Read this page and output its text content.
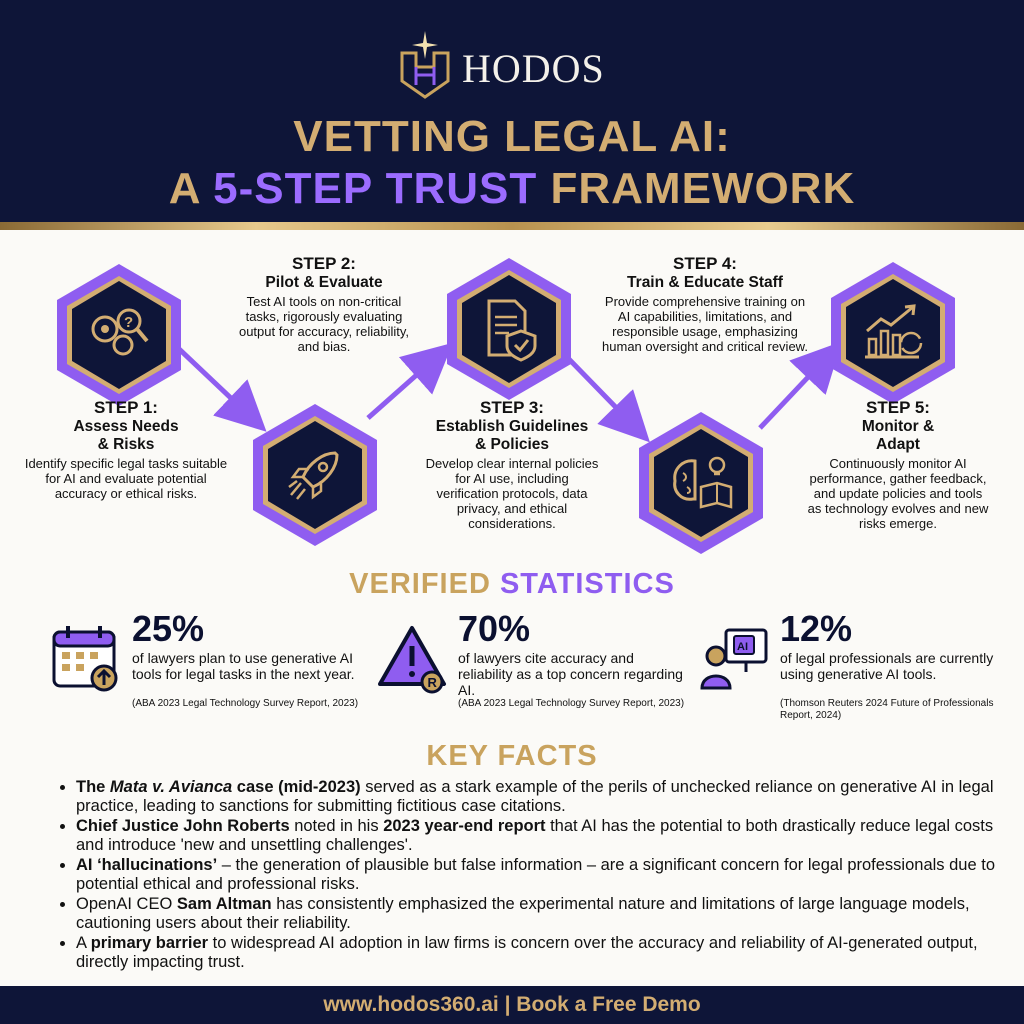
HODOS
VETTING LEGAL AI:
A 5-STEP TRUST FRAMEWORK
?
STEP 1:
Assess Needs
& Risks

Identify specific legal tasks suitable for AI and evaluate potential accuracy or ethical risks.

STEP 2:
Pilot & Evaluate

Test AI tools on non-critical tasks, rigorously evaluating output for accuracy, reliability, and bias.

STEP 3:
Establish Guidelines
& Policies

Develop clear internal policies for AI use, including verification protocols, data privacy, and ethical considerations.

STEP 4:
Train & Educate Staff

Provide comprehensive training on AI capabilities, limitations, and responsible usage, emphasizing human oversight and critical review.

STEP 5:
Monitor &
Adapt

Continuously monitor AI performance, gather feedback, and update policies and tools as technology evolves and new risks emerge.

VERIFIED STATISTICS
25%
of lawyers plan to use generative AI tools for legal tasks in the next year.
(ABA 2023 Legal Technology Survey Report, 2023)
R
70%
of lawyers cite accuracy and reliability as a top concern regarding AI.
(ABA 2023 Legal Technology Survey Report, 2023)
AI 12%
of legal professionals are currently using generative AI tools.
(Thomson Reuters 2024 Future of Professionals Report, 2024)
KEY FACTS
• The Mata v. Avianca case (mid-2023) served as a stark example of the perils of unchecked reliance on generative AI in legal practice, leading to sanctions for submitting fictitious case citations.
• Chief Justice John Roberts noted in his 2023 year-end report that AI has the potential to both drastically reduce legal costs and introduce 'new and unsettling challenges'.
• AI ‘hallucinations’ – the generation of plausible but false information – are a significant concern for legal professionals due to potential ethical and professional risks.
• OpenAI CEO Sam Altman has consistently emphasized the experimental nature and limitations of large language models, cautioning users about their reliability.
• A primary barrier to widespread AI adoption in law firms is concern over the accuracy and reliability of AI-generated output, directly impacting trust.
www.hodos360.ai | Book a Free Demo
